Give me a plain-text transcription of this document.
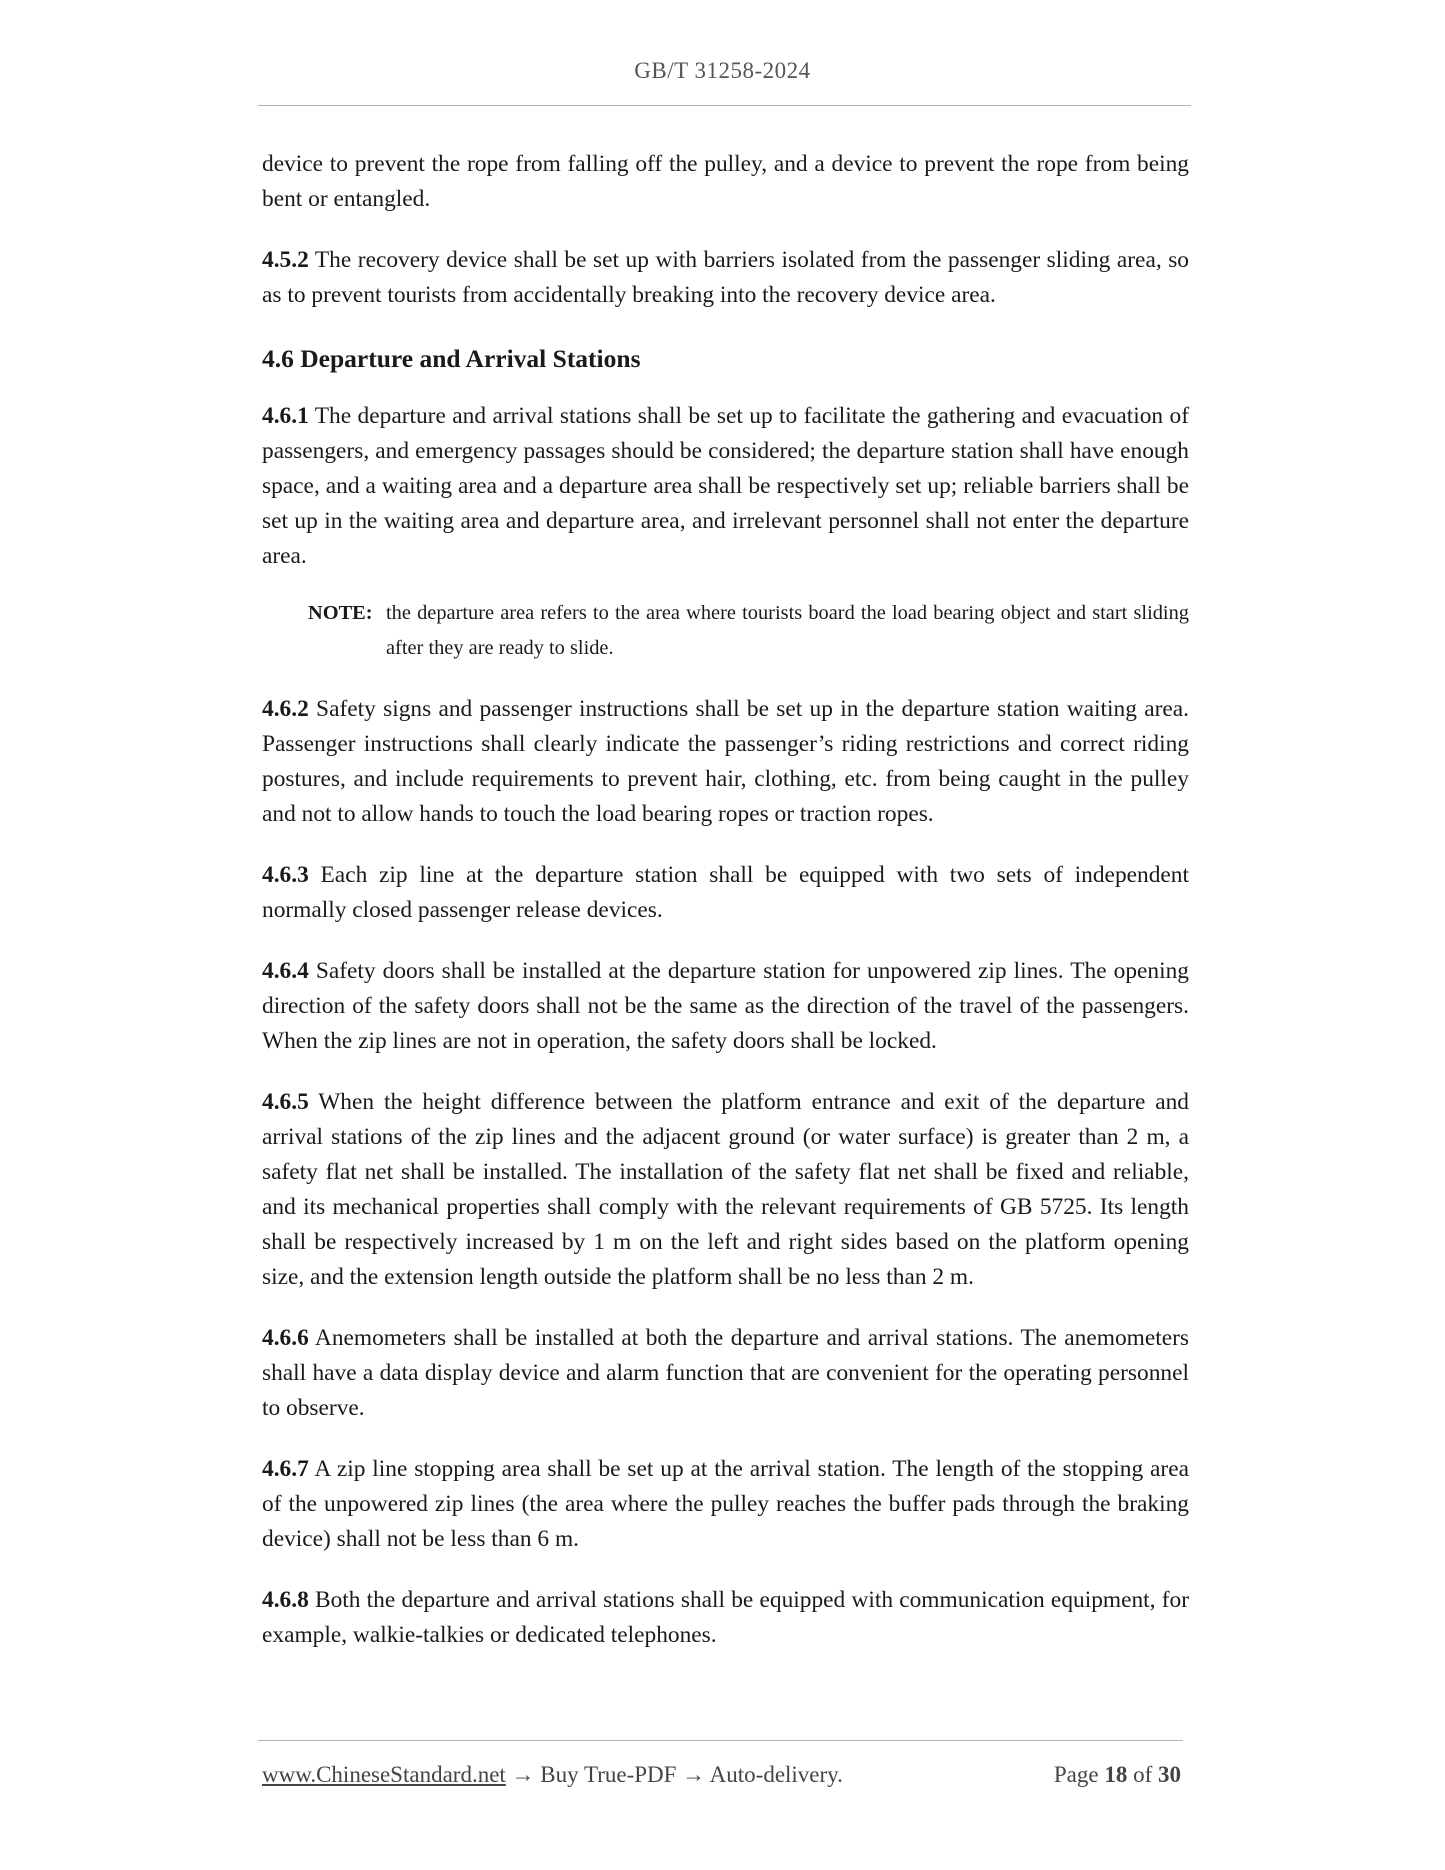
GB/T 31258-2024

device to prevent the rope from falling off the pulley, and a device to prevent the rope from being bent or entangled.

4.5.2 The recovery device shall be set up with barriers isolated from the passenger sliding area, so as to prevent tourists from accidentally breaking into the recovery device area.

4.6 Departure and Arrival Stations

4.6.1 The departure and arrival stations shall be set up to facilitate the gathering and evacuation of passengers, and emergency passages should be considered; the departure station shall have enough space, and a waiting area and a departure area shall be respectively set up; reliable barriers shall be set up in the waiting area and departure area, and irrelevant personnel shall not enter the departure area.

NOTE: the departure area refers to the area where tourists board the load bearing object and start sliding after they are ready to slide.

4.6.2 Safety signs and passenger instructions shall be set up in the departure station waiting area. Passenger instructions shall clearly indicate the passenger’s riding restrictions and correct riding postures, and include requirements to prevent hair, clothing, etc. from being caught in the pulley and not to allow hands to touch the load bearing ropes or traction ropes.

4.6.3 Each zip line at the departure station shall be equipped with two sets of independent normally closed passenger release devices.

4.6.4 Safety doors shall be installed at the departure station for unpowered zip lines. The opening direction of the safety doors shall not be the same as the direction of the travel of the passengers. When the zip lines are not in operation, the safety doors shall be locked.

4.6.5 When the height difference between the platform entrance and exit of the departure and arrival stations of the zip lines and the adjacent ground (or water surface) is greater than 2 m, a safety flat net shall be installed. The installation of the safety flat net shall be fixed and reliable, and its mechanical properties shall comply with the relevant requirements of GB 5725. Its length shall be respectively increased by 1 m on the left and right sides based on the platform opening size, and the extension length outside the platform shall be no less than 2 m.

4.6.6 Anemometers shall be installed at both the departure and arrival stations. The anemometers shall have a data display device and alarm function that are convenient for the operating personnel to observe.

4.6.7 A zip line stopping area shall be set up at the arrival station. The length of the stopping area of the unpowered zip lines (the area where the pulley reaches the buffer pads through the braking device) shall not be less than 6 m.

4.6.8 Both the departure and arrival stations shall be equipped with communication equipment, for example, walkie-talkies or dedicated telephones.

www.ChineseStandard.net → Buy True-PDF → Auto-delivery.	Page 18 of 30
